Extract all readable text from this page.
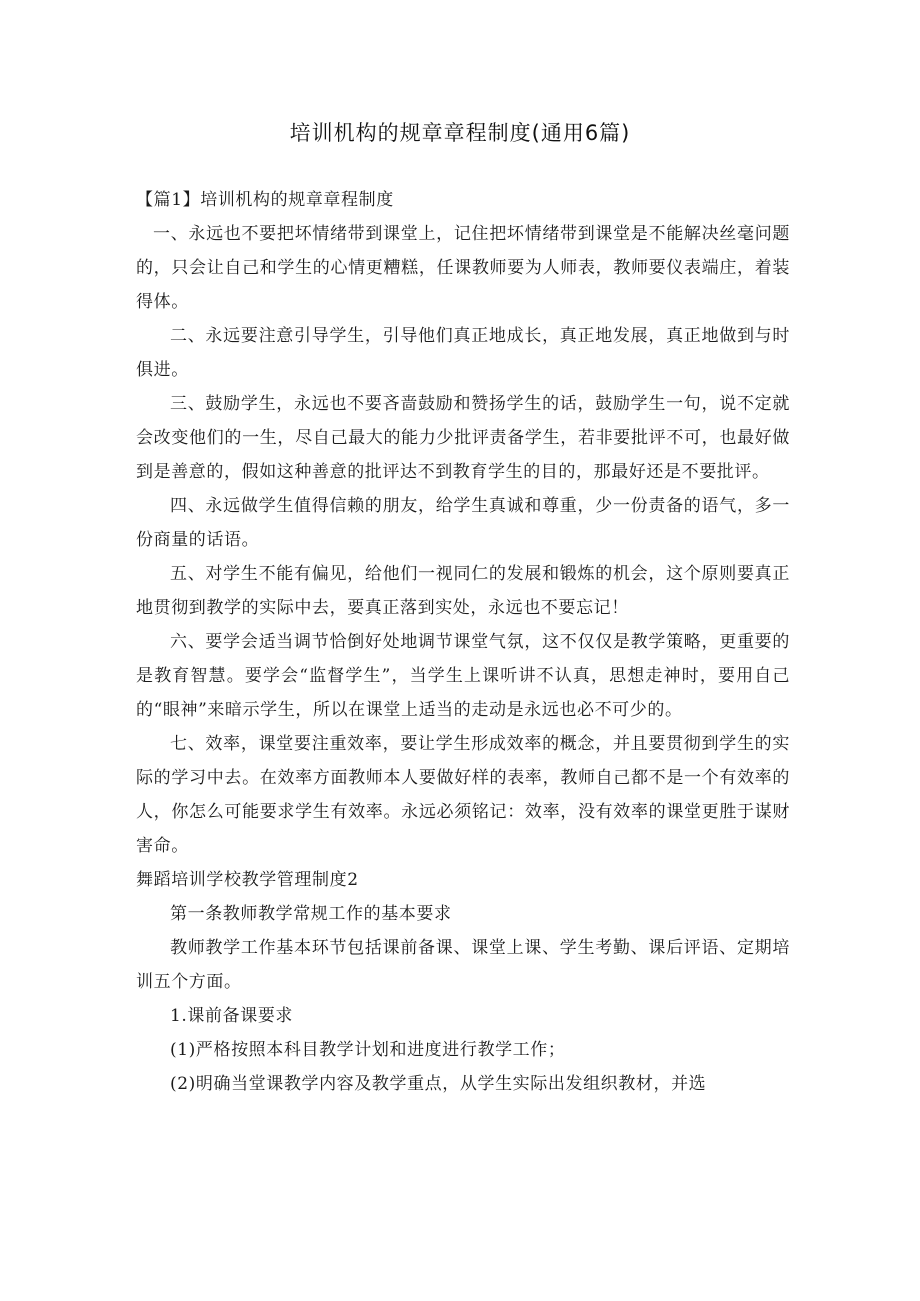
培训机构的规章章程制度(通用6篇)

【篇1】培训机构的规章章程制度

一、永远也不要把坏情绪带到课堂上，记住把坏情绪带到课堂是不能解决丝毫问题的，只会让自己和学生的心情更糟糕，任课教师要为人师表，教师要仪表端庄，着装得体。

二、永远要注意引导学生，引导他们真正地成长，真正地发展，真正地做到与时俱进。

三、鼓励学生，永远也不要吝啬鼓励和赞扬学生的话，鼓励学生一句，说不定就会改变他们的一生，尽自己最大的能力少批评责备学生，若非要批评不可，也最好做到是善意的，假如这种善意的批评达不到教育学生的目的，那最好还是不要批评。

四、永远做学生值得信赖的朋友，给学生真诚和尊重，少一份责备的语气，多一份商量的话语。

五、对学生不能有偏见，给他们一视同仁的发展和锻炼的机会，这个原则要真正地贯彻到教学的实际中去，要真正落到实处，永远也不要忘记！

六、要学会适当调节恰倒好处地调节课堂气氛，这不仅仅是教学策略，更重要的是教育智慧。要学会“监督学生”，当学生上课听讲不认真，思想走神时，要用自己的“眼神”来暗示学生，所以在课堂上适当的走动是永远也必不可少的。

七、效率，课堂要注重效率，要让学生形成效率的概念，并且要贯彻到学生的实际的学习中去。在效率方面教师本人要做好样的表率，教师自己都不是一个有效率的人，你怎么可能要求学生有效率。永远必须铭记：效率，没有效率的课堂更胜于谋财害命。

舞蹈培训学校教学管理制度2

第一条教师教学常规工作的基本要求

教师教学工作基本环节包括课前备课、课堂上课、学生考勤、课后评语、定期培训五个方面。

1.课前备课要求

(1)严格按照本科目教学计划和进度进行教学工作；

(2)明确当堂课教学内容及教学重点，从学生实际出发组织教材，并选
